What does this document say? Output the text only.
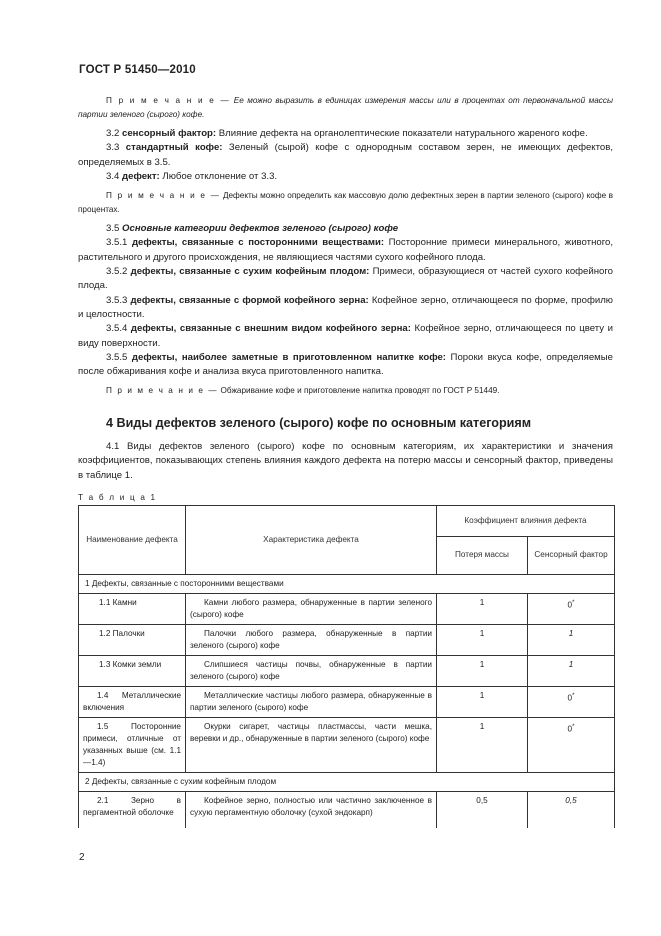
ГОСТ Р 51450—2010

П р и м е ч а н и е — Ее можно выразить в единицах измерения массы или в процентах от первоначальной массы партии зеленого (сырого) кофе.

3.2 сенсорный фактор: Влияние дефекта на органолептические показатели натурального жареного кофе.

3.3 стандартный кофе: Зеленый (сырой) кофе с однородным составом зерен, не имеющих дефектов, определяемых в 3.5.

3.4 дефект: Любое отклонение от 3.3.

П р и м е ч а н и е — Дефекты можно определить как массовую долю дефектных зерен в партии зеленого (сырого) кофе в процентах.

3.5 Основные категории дефектов зеленого (сырого) кофе

3.5.1 дефекты, связанные с посторонними веществами: Посторонние примеси минерального, животного, растительного и другого происхождения, не являющиеся частями сухого кофейного плода.

3.5.2 дефекты, связанные с сухим кофейным плодом: Примеси, образующиеся от частей сухого кофейного плода.

3.5.3 дефекты, связанные с формой кофейного зерна: Кофейное зерно, отличающееся по форме, профилю и целостности.

3.5.4 дефекты, связанные с внешним видом кофейного зерна: Кофейное зерно, отличающееся по цвету и виду поверхности.

3.5.5 дефекты, наиболее заметные в приготовленном напитке кофе: Пороки вкуса кофе, определяемые после обжаривания кофе и анализа вкуса приготовленного напитка.

П р и м е ч а н и е — Обжаривание кофе и приготовление напитка проводят по ГОСТ Р 51449.

4 Виды дефектов зеленого (сырого) кофе по основным категориям

4.1 Виды дефектов зеленого (сырого) кофе по основным категориям, их характеристики и значения коэффициентов, показывающих степень влияния каждого дефекта на потерю массы и сенсорный фактор, приведены в таблице 1.

Т а б л и ц а 1
Наименование дефекта	Характеристика дефекта	Коэффициент влияния дефекта	
		Потеря массы	Сенсорный фактор
1 Дефекты, связанные с посторонними веществами			
1.1 Камни	Камни любого размера, обнаруженные в партии зеленого (сырого) кофе	1	0*
1.2 Палочки	Палочки любого размера, обнаруженные в партии зеленого (сырого) кофе	1	1
1.3 Комки земли	Слипшиеся частицы почвы, обнаруженные в партии зеленого (сырого) кофе	1	1
1.4 Металлические включения	Металлические частицы любого размера, обнаруженные в партии зеленого (сырого) кофе	1	0*
1.5 Посторонние примеси, отличные от указанных выше (см. 1.1—1.4)	Окурки сигарет, частицы пластмассы, части мешка, веревки и др., обнаруженные в партии зеленого (сырого) кофе	1	0*
2 Дефекты, связанные с сухим кофейным плодом			
2.1 Зерно в пергаментной оболочке	Кофейное зерно, полностью или частично заключенное в сухую пергаментную оболочку (сухой эндокарп)	0,5	0,5
2
